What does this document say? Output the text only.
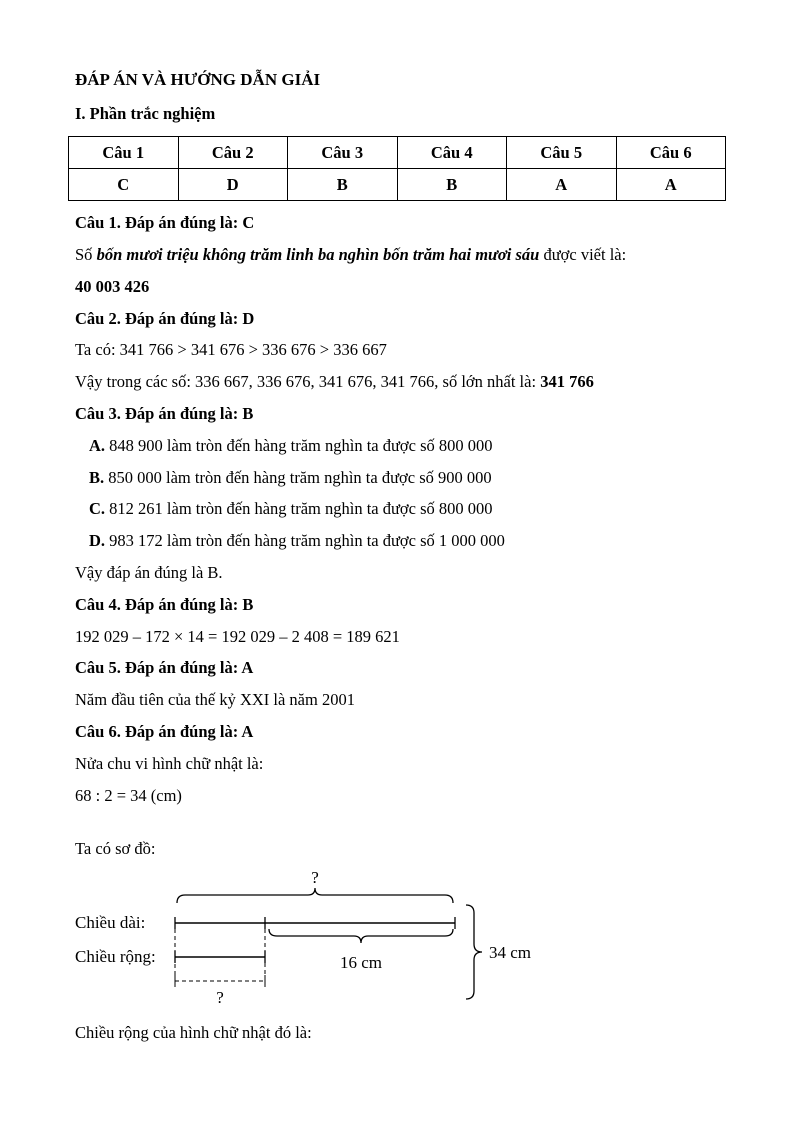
ĐÁP ÁN VÀ HƯỚNG DẪN GIẢI

I. Phần trắc nghiệm

Câu 1	Câu 2	Câu 3	Câu 4	Câu 5	Câu 6
C	D	B	B	A	A

Câu 1. Đáp án đúng là: C

Số bốn mươi triệu không trăm linh ba nghìn bốn trăm hai mươi sáu được viết là:

40 003 426

Câu 2. Đáp án đúng là: D

Ta có: 341 766 > 341 676 > 336 676 > 336 667

Vậy trong các số: 336 667, 336 676, 341 676, 341 766, số lớn nhất là: 341 766

Câu 3. Đáp án đúng là: B

A. 848 900 làm tròn đến hàng trăm nghìn ta được số 800 000

B. 850 000 làm tròn đến hàng trăm nghìn ta được số 900 000

C. 812 261 làm tròn đến hàng trăm nghìn ta được số 800 000

D. 983 172 làm tròn đến hàng trăm nghìn ta được số 1 000 000

Vậy đáp án đúng là B.

Câu 4. Đáp án đúng là: B

192 029 – 172 × 14 = 192 029 – 2 408 = 189 621

Câu 5. Đáp án đúng là: A

Năm đầu tiên của thế kỷ XXI là năm 2001

Câu 6. Đáp án đúng là: A

Nửa chu vi hình chữ nhật là:

68 : 2 = 34 (cm)

Ta có sơ đồ:

?
Chiều dài:
16 cm
Chiều rộng:
?
34 cm

Chiều rộng của hình chữ nhật đó là:
